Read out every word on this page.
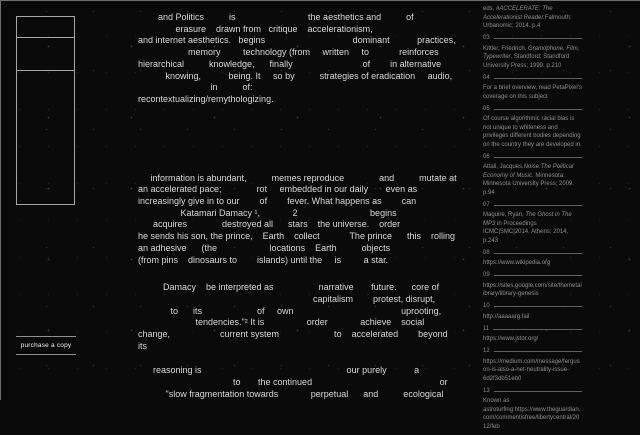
purchase a copy
and Politics          is                             the aesthetics and          of
erasure    drawn from   critique    accelerationism,
and internet aesthetics.   begins                                   dominant           practices,
memory         technology (from     written     to            reinforces
hierarchical          knowledge,      finally                            of        in alternative
knowing,           being. It     so by          strategies of eradication     audio,
in          of:
recontextualizing/remythologizing.
information is abundant,          memes reproduce              and          mutate at
an accelerated pace;              rot     embedded in our daily       even as
increasingly give in to our        of        fever. What happens as        can
Katamari Damacy ¹,             2                             begins
acquires              destroyed all      stars    the universe.    order
he sends his son, the prince,    Earth    collect            The prince      this    rolling
an adhesive      (the                     locations    Earth          objects
(from pins    dinosaurs to        islands) until the     is         a star.
Damacy    be interpreted as                  narrative       future.      core of
capitalism        protest, disrupt,
to      its                      of     own                                           uprooting,
tendencies."² It is                 order             achieve    social
change,                    current system                      to    accelerated        beyond
its
reasoning is                                                          our purely           a
to       the continued                                                   or
"slow fragmentation towards             perpetual      and          ecological
eds. #ACCELERATE: The Accelerationist Reader.Falmouth: Urbanomic; 2014. p.4
03
Kittler, Friedrich. Gramophone, Film, Typewriter. Standford: Standford University Press; 1999. p.210
04
For a brief overview, read PetaPixel's coverage on this subject
05
Of course algorithmic racial bias is not unique to whiteness and privileges different bodies depending on the country they are developed in.
06
Attali, Jacques.Noise:The Political Economy of Music. Minnesota: Minnesota University Press; 2009. p.94
07
Maguire, Ryan, The Ghost in The MP3 in Proceedings ICMC|SMC|2014. Athens; 2014. p.243
08
https://www.wikipedia.org
09
https://sites.google.com/site/themetalibrary/library-genesis
10
http://aaaaarg.fail
11
https://www.jstor.org/
12
https://medium.com/message/ferguson-is-also-a-net-neutrality-issue-6d2f3db51eb0
13
Known as astroturfing:https://www.theguardian.com/commentisfree/libertycentral/2012/feb
